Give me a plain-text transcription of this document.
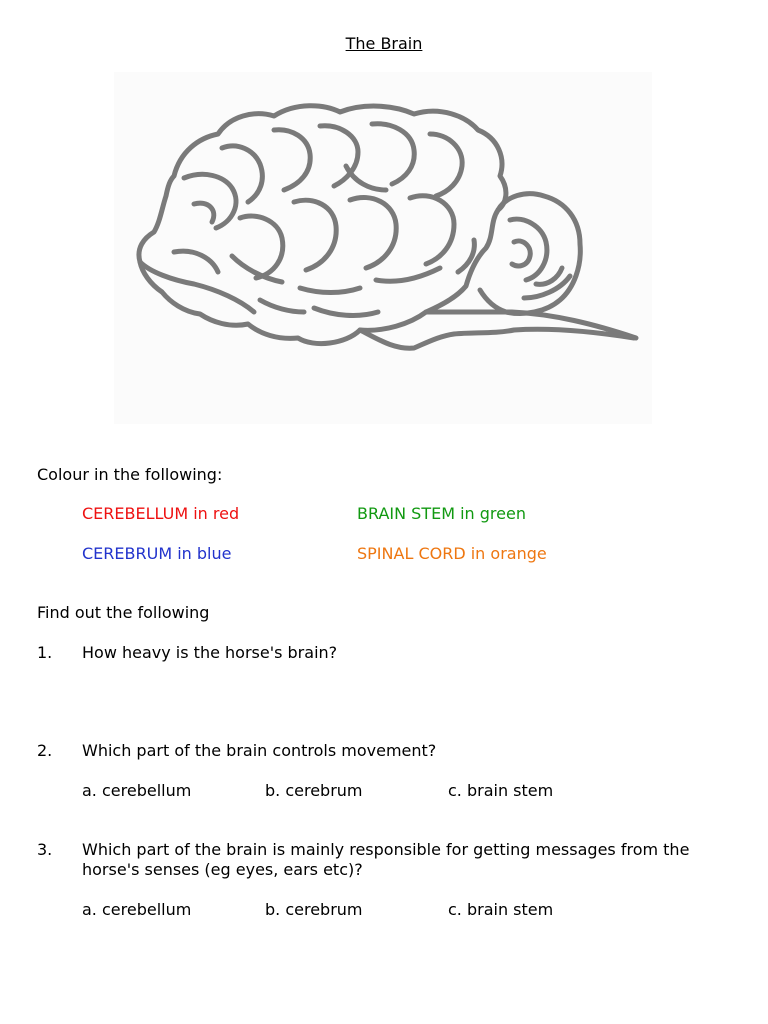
The Brain
Colour in the following:
CEREBELLUM in red	BRAIN STEM in green
CEREBRUM in blue	SPINAL CORD in orange
Find out the following
1. How heavy is the horse's brain?
2. Which part of the brain controls movement?
a. cerebellum	b. cerebrum	c. brain stem
3. Which part of the brain is mainly responsible for getting messages from the horse's senses (eg eyes, ears etc)?
a. cerebellum	b. cerebrum	c. brain stem
